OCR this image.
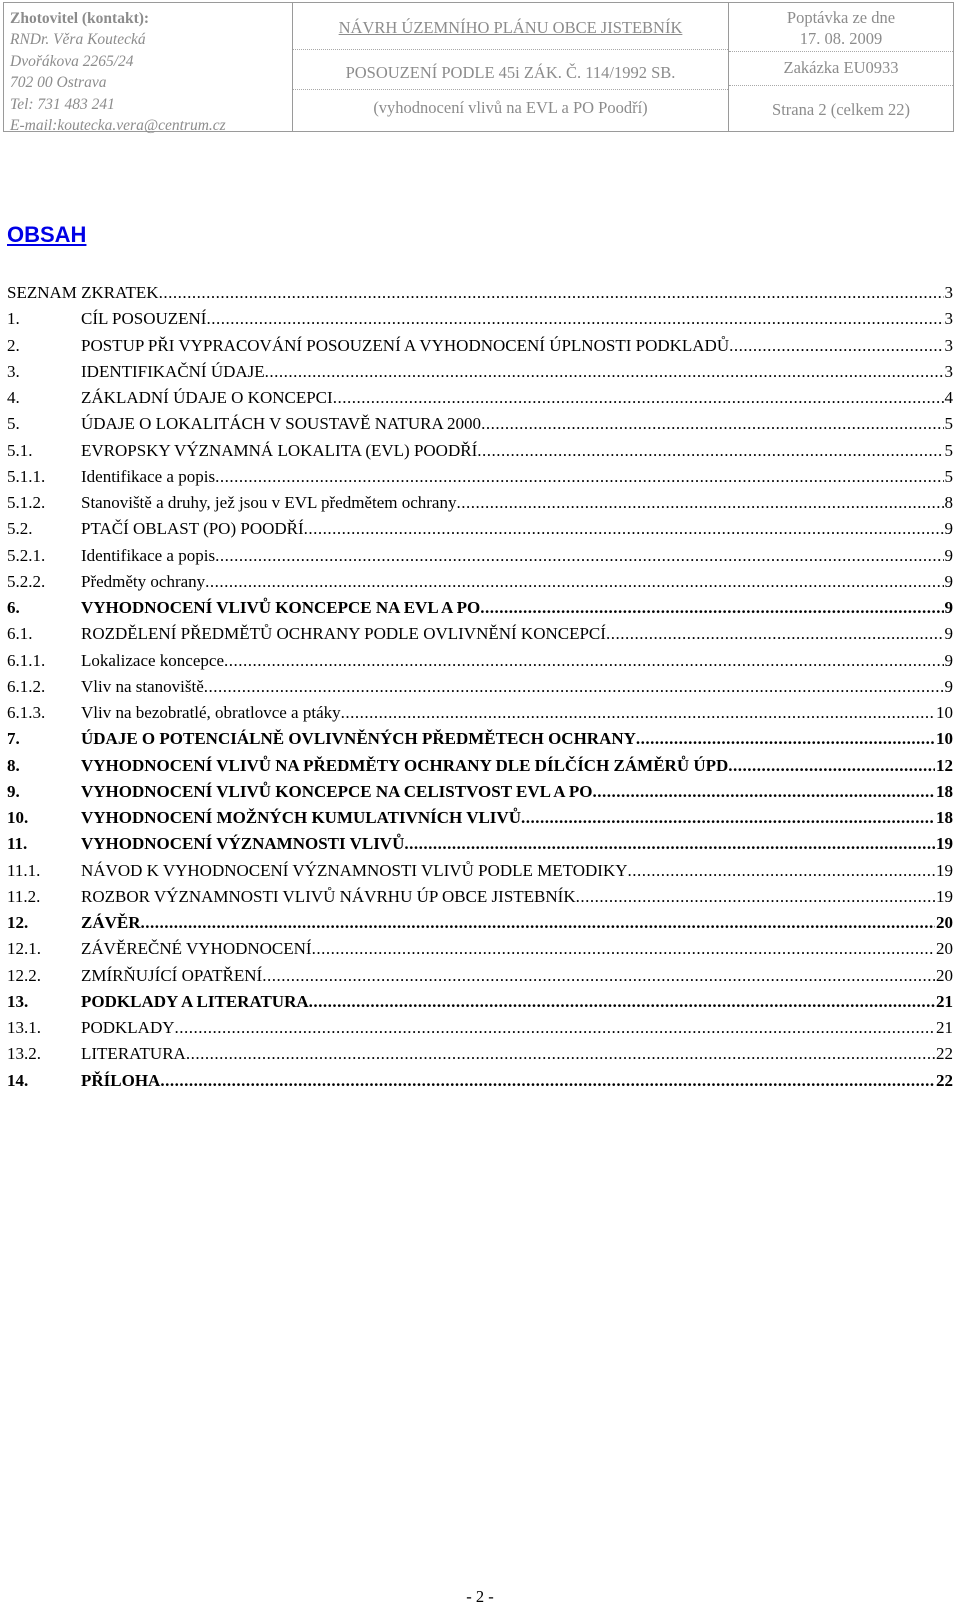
Zhotovitel (kontakt):
RNDr. Věra Koutecká
Dvořákova 2265/24
702 00 Ostrava
Tel: 731 483 241
E-mail:koutecka.vera@centrum.cz
NÁVRH ÚZEMNÍHO PLÁNU OBCE JISTEBNÍK
POSOUZENÍ PODLE 45i ZÁK. Č. 114/1992 SB.
(vyhodnocení vlivů na EVL a PO Poodří)
Poptávka ze dne
17. 08. 2009
Zakázka EU0933
Strana 2 (celkem 22)
OBSAH
SEZNAM ZKRATEK .....	3
1.	CÍL POSOUZENÍ .....	3
2.	POSTUP PŘI VYPRACOVÁNÍ POSOUZENÍ A VYHODNOCENÍ ÚPLNOSTI PODKLADŮ .....	3
3.	IDENTIFIKAČNÍ ÚDAJE .....	3
4.	ZÁKLADNÍ ÚDAJE O KONCEPCI .....	4
5.	ÚDAJE O LOKALITÁCH V SOUSTAVĚ NATURA 2000 .....	5
5.1.	EVROPSKY VÝZNAMNÁ LOKALITA (EVL) POODŘÍ .....	5
5.1.1. Identifikace a popis .....	5
5.1.2. Stanoviště a druhy, jež jsou v EVL předmětem ochrany .....	8
5.2.	PTAČÍ OBLAST (PO) POODŘÍ .....	9
5.2.1. Identifikace a popis .....	9
5.2.2. Předměty ochrany .....	9
6.	VYHODNOCENÍ VLIVŮ KONCEPCE NA EVL A PO .....	9
6.1.	ROZDĚLENÍ PŘEDMĚTŮ OCHRANY PODLE OVLIVNĚNÍ KONCEPCÍ .....	9
6.1.1. Lokalizace koncepce .....	9
6.1.2. Vliv na stanoviště .....	9
6.1.3. Vliv na bezobratlé, obratlovce a ptáky .....	10
7.	ÚDAJE O POTENCIÁLNĚ OVLIVNĚNÝCH PŘEDMĚTECH OCHRANY .....	10
8.	VYHODNOCENÍ VLIVŮ NA PŘEDMĚTY OCHRANY DLE DÍLČÍCH ZÁMĚRŮ ÚPD .....	12
9.	VYHODNOCENÍ VLIVŮ KONCEPCE NA CELISTVOST EVL A PO .....	18
10.	VYHODNOCENÍ MOŽNÝCH KUMULATIVNÍCH VLIVŮ .....	18
11.	VYHODNOCENÍ VÝZNAMNOSTI VLIVŮ .....	19
11.1. NÁVOD K VYHODNOCENÍ VÝZNAMNOSTI VLIVŮ PODLE METODIKY .....	19
11.2. ROZBOR VÝZNAMNOSTI VLIVŮ NÁVRHU ÚP OBCE JISTEBNÍK .....	19
12.	ZÁVĚR .....	20
12.1. ZÁVĚREČNÉ VYHODNOCENÍ .....	20
12.2. ZMÍRŇUJÍCÍ OPATŘENÍ .....	20
13.	PODKLADY A LITERATURA .....	21
13.1. PODKLADY .....	21
13.2. LITERATURA .....	22
14.	PŘÍLOHA .....	22
- 2 -
